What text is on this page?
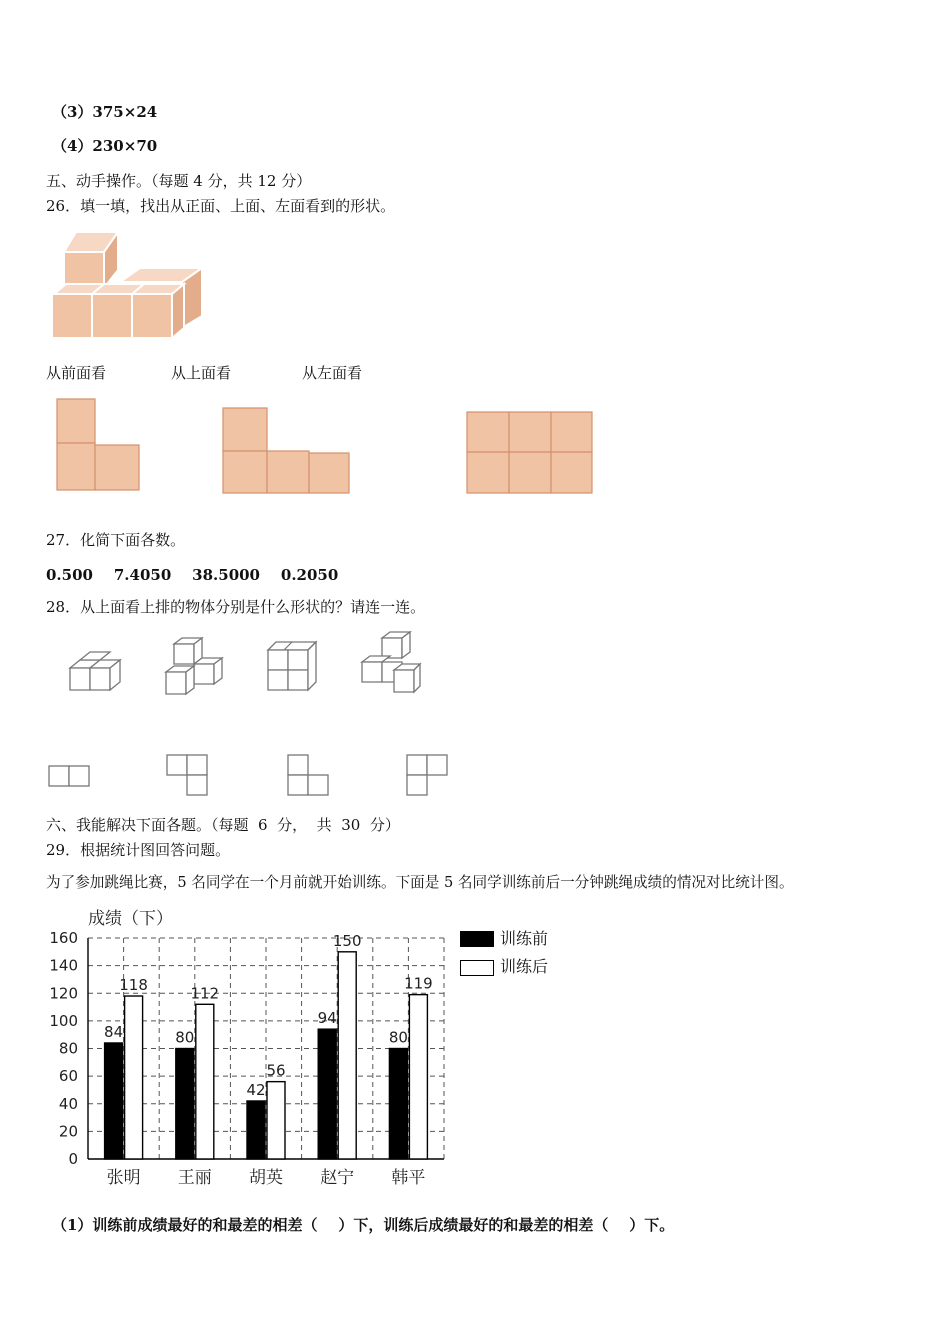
（3）375×24
（4）230×70
五、动手操作。（每题 4 分，共 12 分）
26．填一填，找出从正面、上面、左面看到的形状。
从前面看	从上面看	从左面看
27．化简下面各数。
0.500    7.4050    38.5000    0.2050
28．从上面看上排的物体分别是什么形状的？请连一连。
六、我能解决下面各题。（每题  6  分，  共  30  分）
29．根据统计图回答问题。
为了参加跳绳比赛，5 名同学在一个月前就开始训练。下面是 5 名同学训练前后一分钟跳绳成绩的情况对比统计图。
成绩（下）
0
20
40
60
80
100
120
140
160
84
118
张明
80
112
王丽
42
56
胡英
94
150
赵宁
80
119
韩平
训练前
训练后
（1）训练前成绩最好的和最差的相差（    ）下，训练后成绩最好的和最差的相差（    ）下。
